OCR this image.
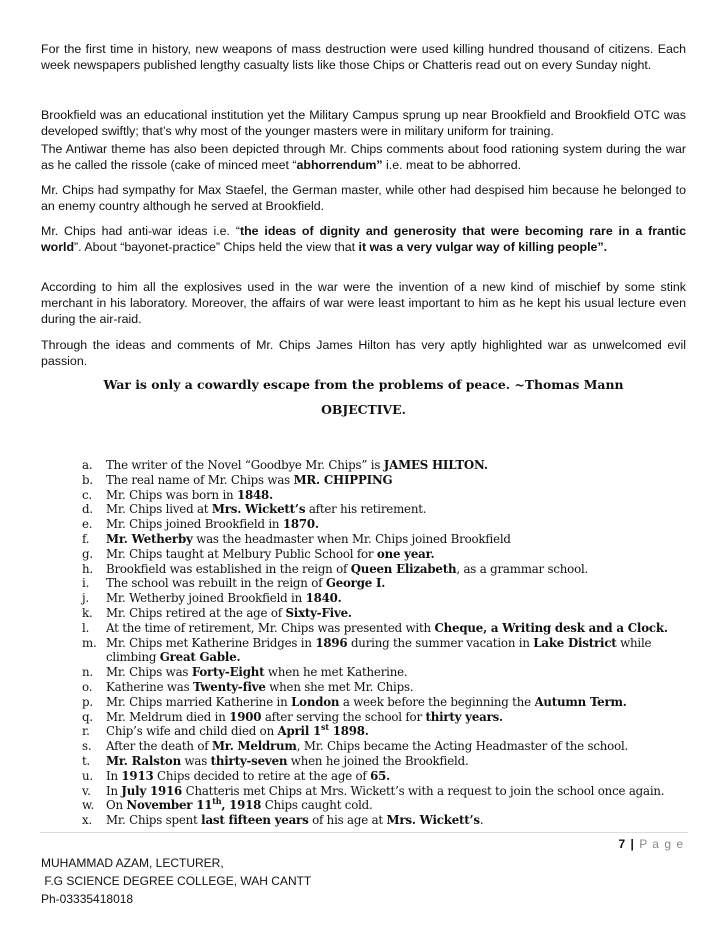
For the first time in history, new weapons of mass destruction were used killing hundred thousand of citizens. Each week newspapers published lengthy casualty lists like those Chips or Chatteris read out on every Sunday night.

Brookfield was an educational institution yet the Military Campus sprung up near Brookfield and Brookfield OTC was developed swiftly; that’s why most of the younger masters were in military uniform for training.

The Antiwar theme has also been depicted through Mr. Chips comments about food rationing system during the war as he called the rissole (cake of minced meet “abhorrendum” i.e. meat to be abhorred.

Mr. Chips had sympathy for Max Staefel, the German master, while other had despised him because he belonged to an enemy country although he served at Brookfield.

Mr. Chips had anti-war ideas i.e. “the ideas of dignity and generosity that were becoming rare in a frantic world”. About “bayonet-practice” Chips held the view that it was a very vulgar way of killing people”.

According to him all the explosives used in the war were the invention of a new kind of mischief by some stink merchant in his laboratory. Moreover, the affairs of war were least important to him as he kept his usual lecture even during the air-raid.

Through the ideas and comments of Mr. Chips James Hilton has very aptly highlighted war as unwelcomed evil passion.

War is only a cowardly escape from the problems of peace. ~Thomas Mann

OBJECTIVE.

a. The writer of the Novel “Goodbye Mr. Chips” is JAMES HILTON.
b. The real name of Mr. Chips was MR. CHIPPING
c. Mr. Chips was born in 1848.
d. Mr. Chips lived at Mrs. Wickett’s after his retirement.
e. Mr. Chips joined Brookfield in 1870.
f. Mr. Wetherby was the headmaster when Mr. Chips joined Brookfield
g. Mr. Chips taught at Melbury Public School for one year.
h. Brookfield was established in the reign of Queen Elizabeth, as a grammar school.
i. The school was rebuilt in the reign of George I.
j. Mr. Wetherby joined Brookfield in 1840.
k. Mr. Chips retired at the age of Sixty-Five.
l. At the time of retirement, Mr. Chips was presented with Cheque, a Writing desk and a Clock.
m. Mr. Chips met Katherine Bridges in 1896 during the summer vacation in Lake District while
climbing Great Gable.
n. Mr. Chips was Forty-Eight when he met Katherine.
o. Katherine was Twenty-five when she met Mr. Chips.
p. Mr. Chips married Katherine in London a week before the beginning the Autumn Term.
q. Mr. Meldrum died in 1900 after serving the school for thirty years.
r. Chip’s wife and child died on April 1st 1898.
s. After the death of Mr. Meldrum, Mr. Chips became the Acting Headmaster of the school.
t. Mr. Ralston was thirty-seven when he joined the Brookfield.
u. In 1913 Chips decided to retire at the age of 65.
v. In July 1916 Chatteris met Chips at Mrs. Wickett’s with a request to join the school once again.
w. On November 11th, 1918 Chips caught cold.
x. Mr. Chips spent last fifteen years of his age at Mrs. Wickett’s.
7 | P a g e
MUHAMMAD AZAM, LECTURER,
F.G SCIENCE DEGREE COLLEGE, WAH CANTT
Ph-03335418018
